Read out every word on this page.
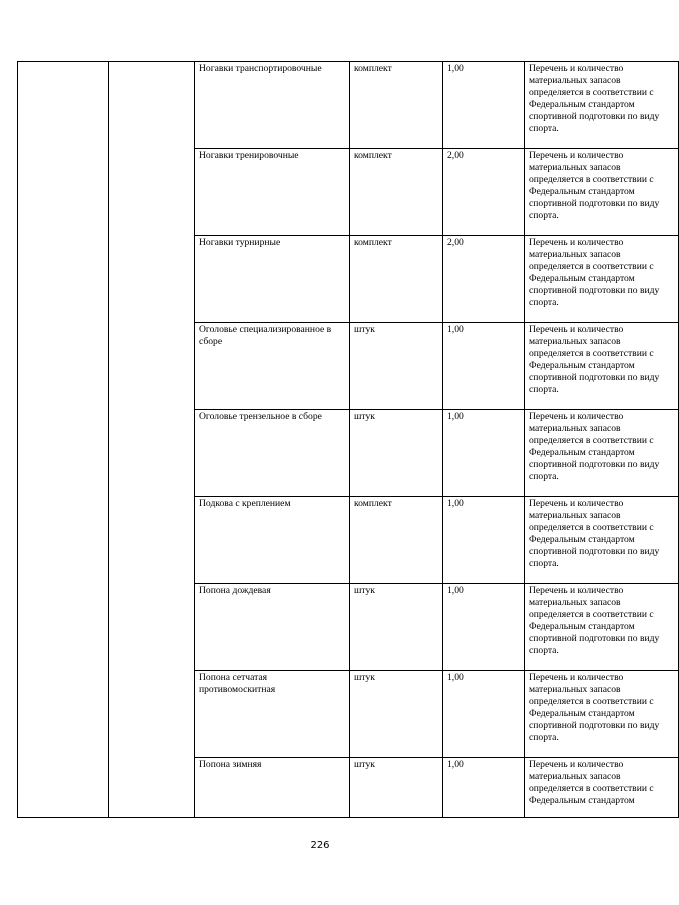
		Ногавки транспортировочные	комплект	1,00	Перечень и количество материальных запасов определяется в соответствии с Федеральным стандартом спортивной подготовки по виду спорта.
		Ногавки тренировочные	комплект	2,00	Перечень и количество материальных запасов определяется в соответствии с Федеральным стандартом спортивной подготовки по виду спорта.
		Ногавки турнирные	комплект	2,00	Перечень и количество материальных запасов определяется в соответствии с Федеральным стандартом спортивной подготовки по виду спорта.
		Оголовье специализированное в сборе	штук	1,00	Перечень и количество материальных запасов определяется в соответствии с Федеральным стандартом спортивной подготовки по виду спорта.
		Оголовье трензельное в сборе	штук	1,00	Перечень и количество материальных запасов определяется в соответствии с Федеральным стандартом спортивной подготовки по виду спорта.
		Подкова с креплением	комплект	1,00	Перечень и количество материальных запасов определяется в соответствии с Федеральным стандартом спортивной подготовки по виду спорта.
		Попона дождевая	штук	1,00	Перечень и количество материальных запасов определяется в соответствии с Федеральным стандартом спортивной подготовки по виду спорта.
		Попона сетчатая противомоскитная	штук	1,00	Перечень и количество материальных запасов определяется в соответствии с Федеральным стандартом спортивной подготовки по виду спорта.
		Попона зимняя	штук	1,00	Перечень и количество материальных запасов определяется в соответствии с Федеральным стандартом
226
